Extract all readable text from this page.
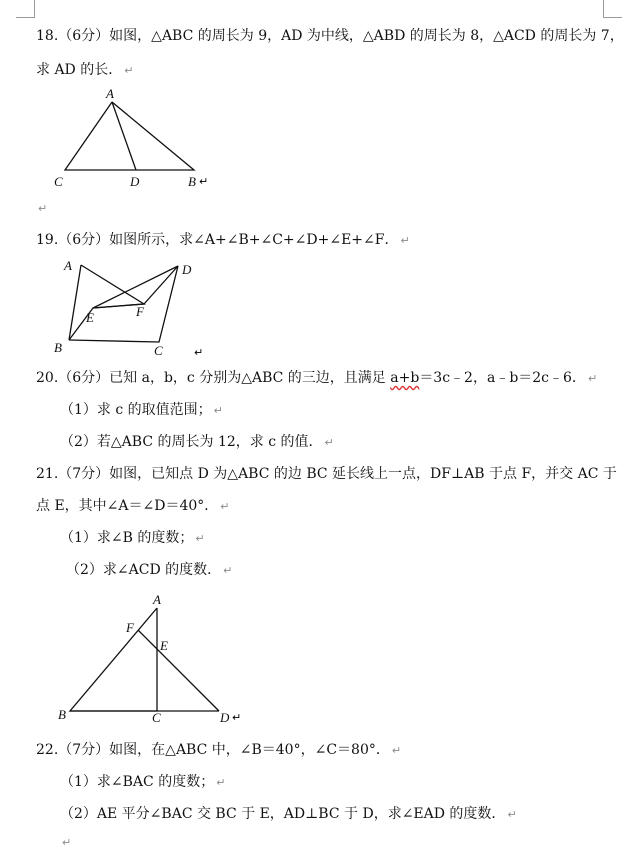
18.（6分）如图，△ABC 的周长为 9，AD 为中线，△ABD 的周长为 8，△ACD 的周长为 7，
求 AD 的长． ↵
A
C	D	B ↵
↵
19.（6分）如图所示，求∠A+∠B+∠C+∠D+∠E+∠F． ↵
A	D
E	F
B	C	↵
20.（6分）已知 a，b，c 分别为△ABC 的三边，且满足 a+b＝3c﹣2，a﹣b＝2c﹣6． ↵
（1）求 c 的取值范围； ↵
（2）若△ABC 的周长为 12，求 c 的值． ↵
21.（7分）如图，已知点 D 为△ABC 的边 BC 延长线上一点，DF⊥AB 于点 F，并交 AC 于
点 E，其中∠A＝∠D＝40°． ↵
（1）求∠B 的度数； ↵
（2）求∠ACD 的度数． ↵
A
F
E
B	C	D ↵
22.（7分）如图，在△ABC 中，∠B＝40°，∠C＝80°． ↵
（1）求∠BAC 的度数； ↵
（2）AE 平分∠BAC 交 BC 于 E，AD⊥BC 于 D，求∠EAD 的度数． ↵
↵
